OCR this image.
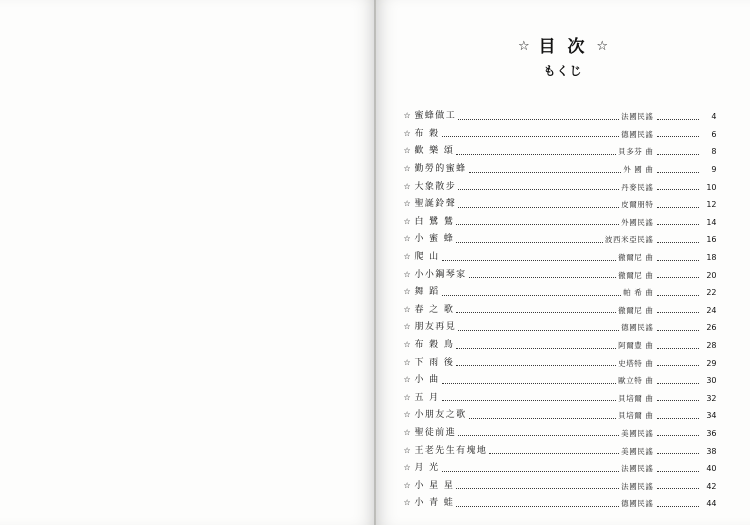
☆ 目 次 ☆
もくじ
☆ 蜜蜂做工	法國民謠	4
☆ 布 穀	德國民謠	6
☆ 歡 樂 頌	貝多芬 曲	8
☆ 勤勞的蜜蜂	外 國 曲	9
☆ 大象散步	丹麥民謠	10
☆ 聖誕鈴聲	皮爾朋特	12
☆ 白 鷺 鷥	外國民謠	14
☆ 小 蜜 蜂	波西米亞民謠	16
☆ 爬 山	徹爾尼 曲	18
☆ 小小鋼琴家	徹爾尼 曲	20
☆ 舞 蹈	帕 希 曲	22
☆ 春 之 歌	徹爾尼 曲	24
☆ 朋友再見	德國民謠	26
☆ 布 穀 鳥	阿爾豊 曲	28
☆ 下 雨 後	史塔特 曲	29
☆ 小 曲	歐立特 曲	30
☆ 五 月	貝培爾 曲	32
☆ 小朋友之歌	貝培爾 曲	34
☆ 聖徒前進	美國民謠	36
☆ 王老先生有塊地	美國民謠	38
☆ 月 光	法國民謠	40
☆ 小 星 星	法國民謠	42
☆ 小 青 蛙	德國民謠	44
